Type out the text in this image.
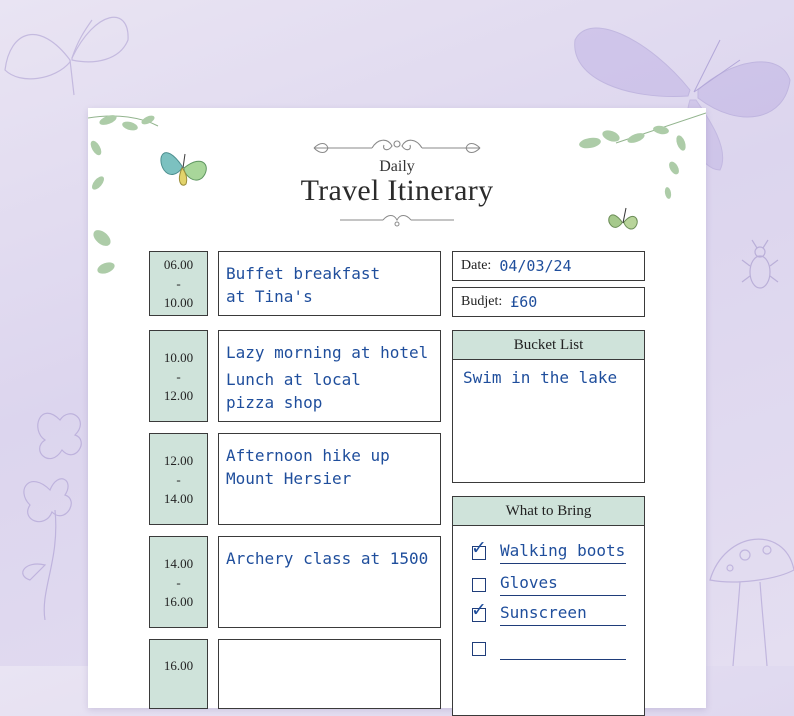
Daily
Travel Itinerary
06.00
-
10.00
Buffet breakfast
at Tina's
10.00
-
12.00
Lazy morning at hotel
Lunch at local
pizza shop
12.00
-
14.00
Afternoon hike up
Mount Hersier
14.00
-
16.00
Archery class at 1500
16.00
Date: 04/03/24
Budjet: £60
Bucket List
Swim in the lake
What to Bring
✓ Walking boots
Gloves
✓ Sunscreen
